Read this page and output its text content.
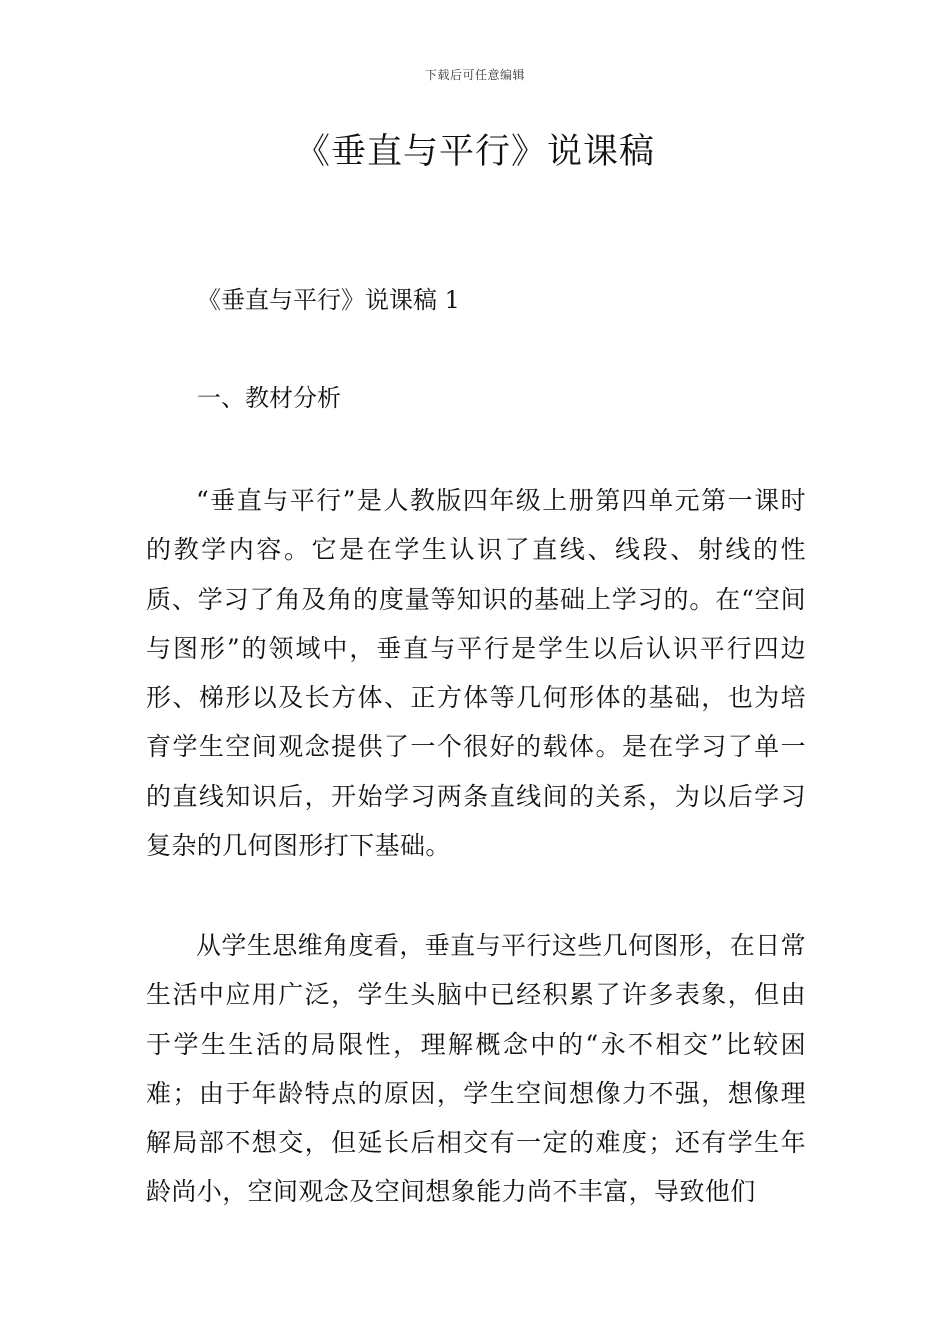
下载后可任意编辑
《垂直与平行》说课稿
《垂直与平行》说课稿 1
一、教材分析

“垂直与平行”是人教版四年级上册第四单元第一课时的教学内容。它是在学生认识了直线、线段、射线的性质、学习了角及角的度量等知识的基础上学习的。在“空间与图形”的领域中，垂直与平行是学生以后认识平行四边形、梯形以及长方体、正方体等几何形体的基础，也为培育学生空间观念提供了一个很好的载体。是在学习了单一的直线知识后，开始学习两条直线间的关系，为以后学习复杂的几何图形打下基础。

从学生思维角度看，垂直与平行这些几何图形，在日常生活中应用广泛，学生头脑中已经积累了许多表象，但由于学生生活的局限性，理解概念中的“永不相交”比较困难；由于年龄特点的原因，学生空间想像力不强，想像理解局部不想交，但延长后相交有一定的难度；还有学生年龄尚小，空间观念及空间想象能力尚不丰富，导致他们
